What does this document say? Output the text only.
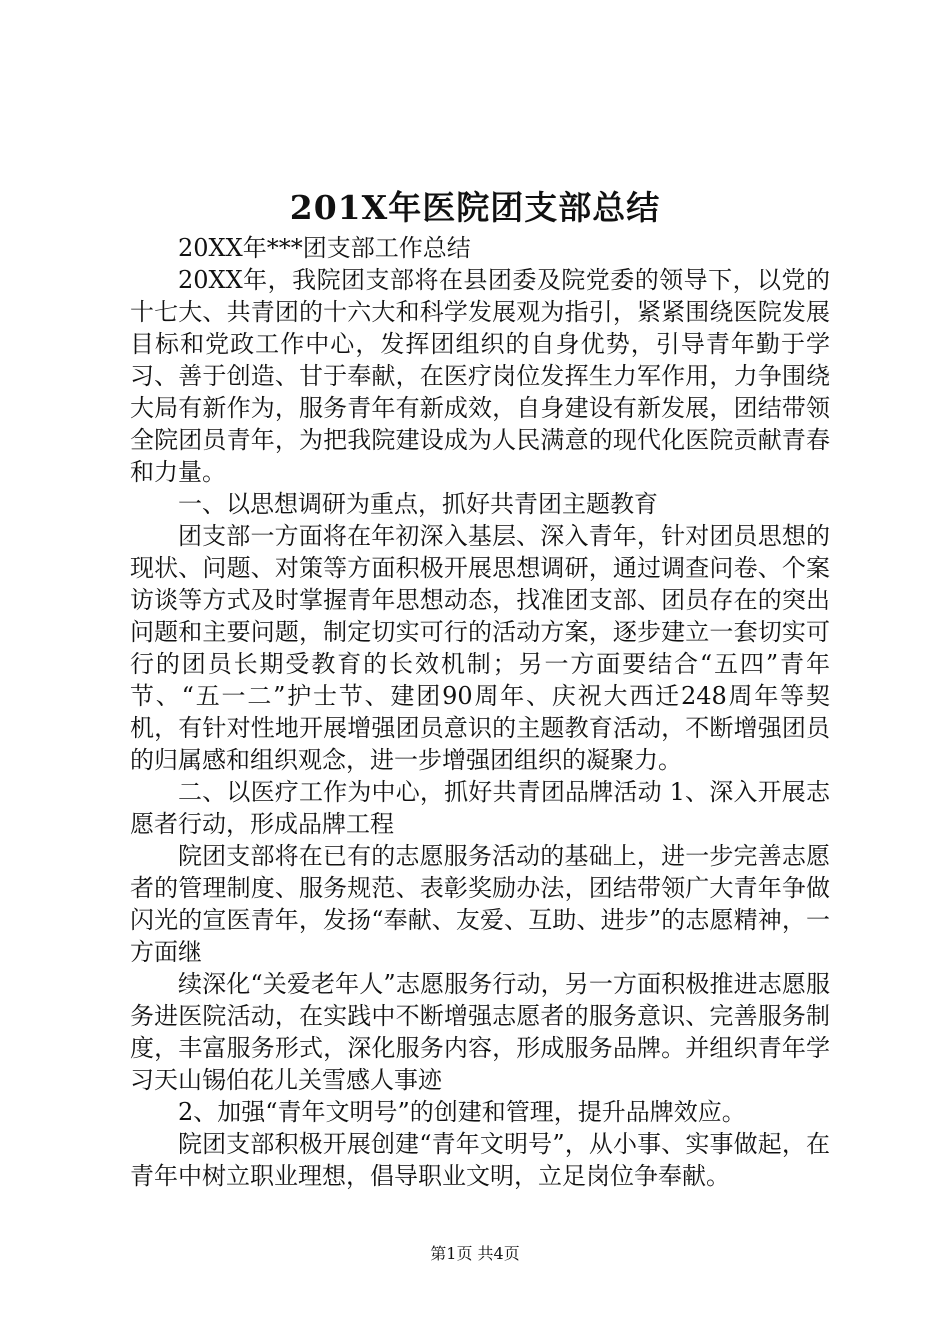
201X年医院团支部总结

20XX年***团支部工作总结

20XX年，我院团支部将在县团委及院党委的领导下，以党的十七大、共青团的十六大和科学发展观为指引，紧紧围绕医院发展目标和党政工作中心，发挥团组织的自身优势，引导青年勤于学习、善于创造、甘于奉献，在医疗岗位发挥生力军作用，力争围绕大局有新作为，服务青年有新成效，自身建设有新发展，团结带领全院团员青年，为把我院建设成为人民满意的现代化医院贡献青春和力量。

一、以思想调研为重点，抓好共青团主题教育

团支部一方面将在年初深入基层、深入青年，针对团员思想的现状、问题、对策等方面积极开展思想调研，通过调查问卷、个案访谈等方式及时掌握青年思想动态，找准团支部、团员存在的突出问题和主要问题，制定切实可行的活动方案，逐步建立一套切实可行的团员长期受教育的长效机制；另一方面要结合“五四”青年节、“五一二”护士节、建团90周年、庆祝大西迁248周年等契机，有针对性地开展增强团员意识的主题教育活动，不断增强团员的归属感和组织观念，进一步增强团组织的凝聚力。

二、以医疗工作为中心，抓好共青团品牌活动 1、深入开展志愿者行动，形成品牌工程

院团支部将在已有的志愿服务活动的基础上，进一步完善志愿者的管理制度、服务规范、表彰奖励办法，团结带领广大青年争做闪光的宣医青年，发扬“奉献、友爱、互助、进步”的志愿精神，一方面继

续深化“关爱老年人”志愿服务行动，另一方面积极推进志愿服务进医院活动，在实践中不断增强志愿者的服务意识、完善服务制度，丰富服务形式，深化服务内容，形成服务品牌。并组织青年学习天山锡伯花儿关雪感人事迹

2、加强“青年文明号”的创建和管理，提升品牌效应。

院团支部积极开展创建“青年文明号”，从小事、实事做起，在青年中树立职业理想，倡导职业文明，立足岗位争奉献。

第1页 共4页
